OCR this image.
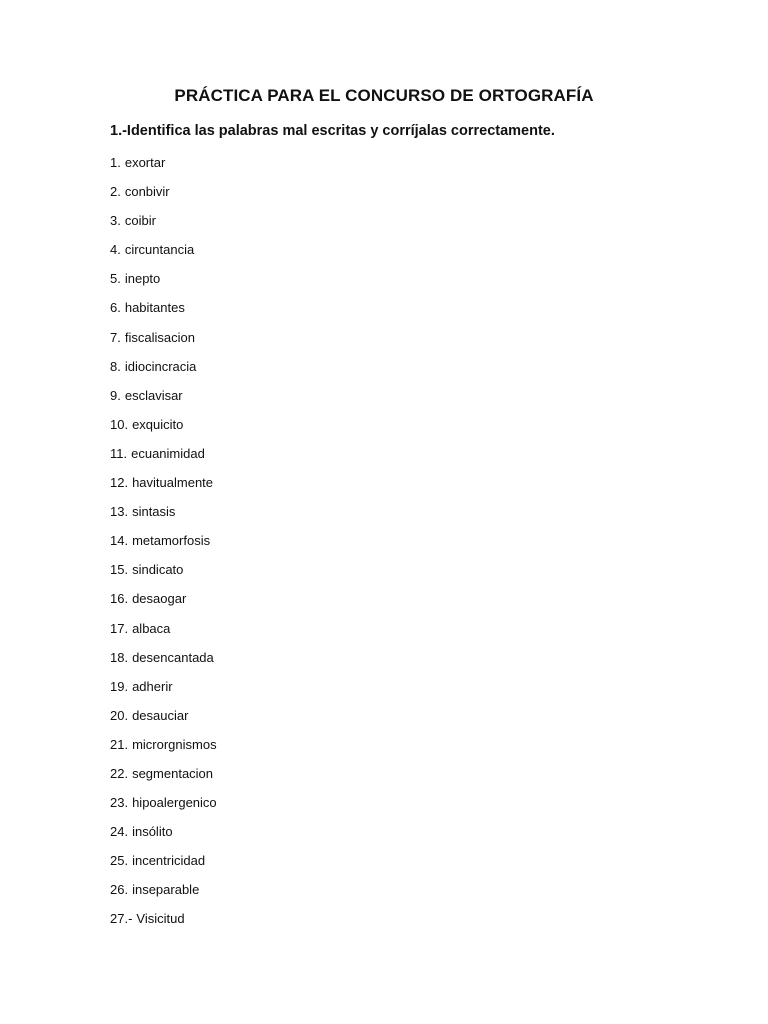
PRÁCTICA PARA EL CONCURSO DE ORTOGRAFÍA
1.-Identifica las palabras mal escritas y corríjalas correctamente.
1. exortar
2. conbivir
3. coibir
4. circuntancia
5. inepto
6. habitantes
7. fiscalisacion
8. idiocincracia
9. esclavisar
10. exquicito
11. ecuanimidad
12. havitualmente
13. sintasis
14. metamorfosis
15. sindicato
16. desaogar
17. albaca
18. desencantada
19. adherir
20. desauciar
21. microrgnismos
22. segmentacion
23. hipoalergenico
24. insólito
25. incentricidad
26. inseparable
27.- Visicitud
